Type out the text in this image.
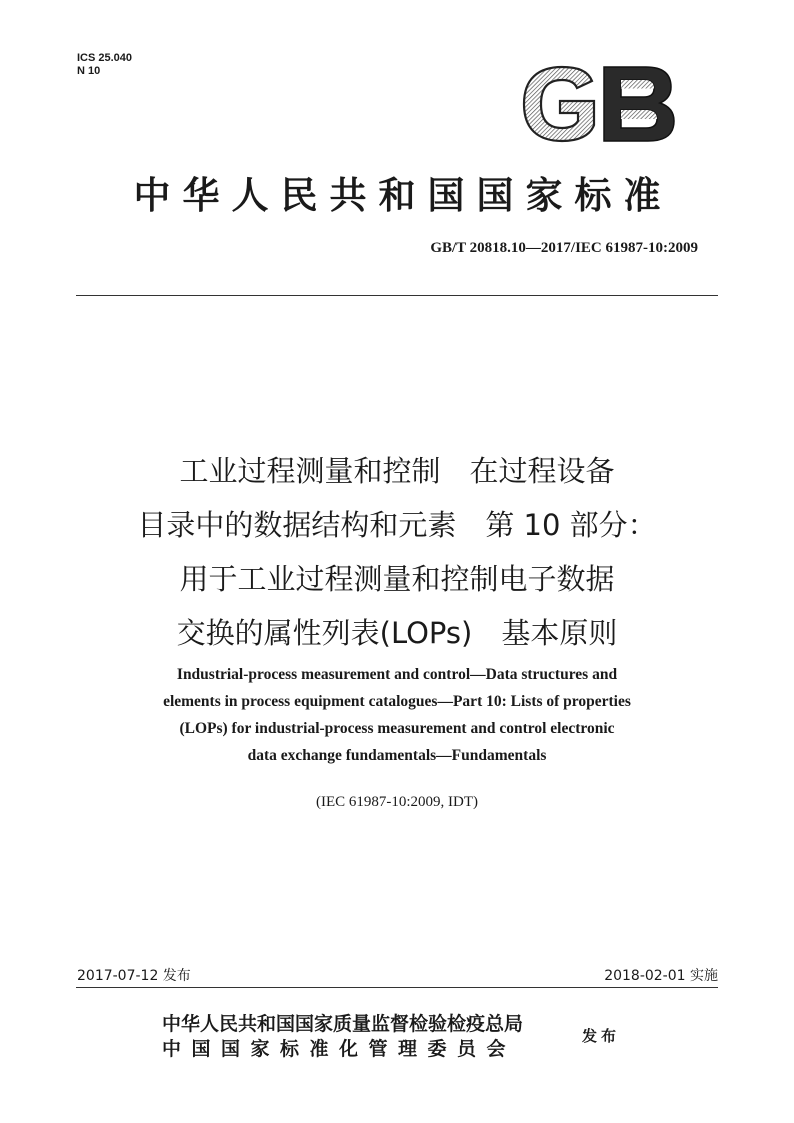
ICS 25.040
N 10
中华人民共和国国家标准
GB/T 20818.10—2017/IEC 61987-10:2009
工业过程测量和控制　在过程设备
目录中的数据结构和元素　第 10 部分：
用于工业过程测量和控制电子数据
交换的属性列表(LOPs)　基本原则
Industrial-process measurement and control—Data structures and
elements in process equipment catalogues—Part 10: Lists of properties
(LOPs) for industrial-process measurement and control electronic
data exchange fundamentals—Fundamentals
(IEC 61987-10:2009, IDT)
2017-07-12 发布	2018-02-01 实施
中华人民共和国国家质量监督检验检疫总局
中国国家标准化管理委员会
发布
